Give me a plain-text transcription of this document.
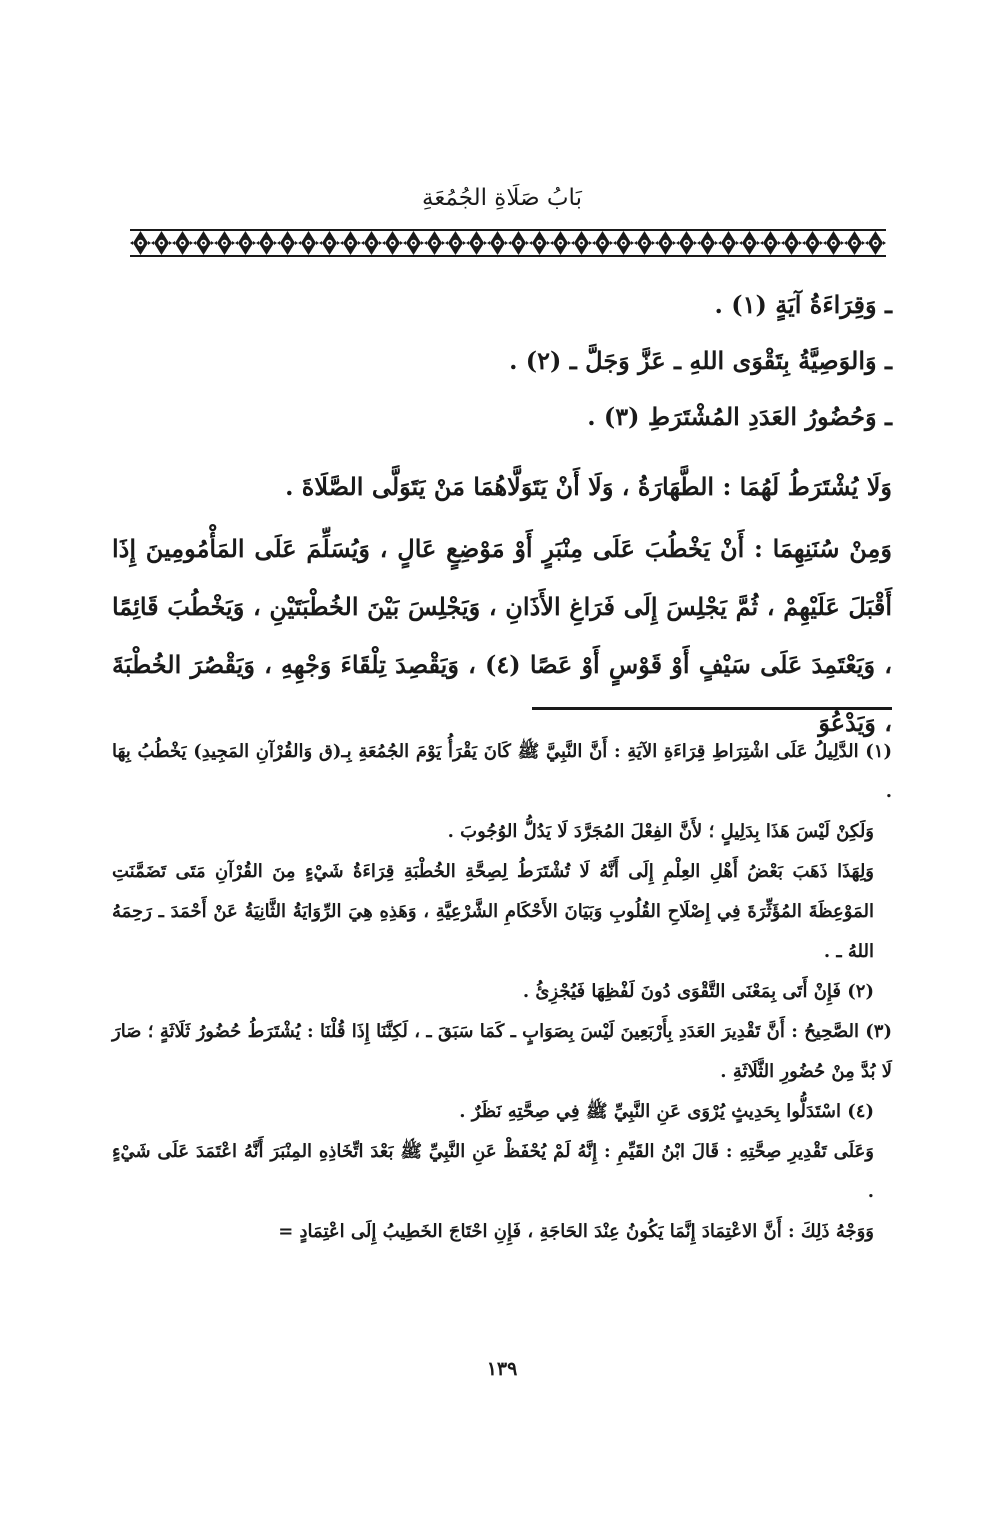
بَابُ صَلَاةِ الجُمُعَةِ

ـ وَقِرَاءَةُ آيَةٍ (١) .

ـ وَالوَصِيَّةُ بِتَقْوَى اللهِ ـ عَزَّ وَجَلَّ ـ (٢) .

ـ وَحُضُورُ العَدَدِ المُشْتَرَطِ (٣) .

وَلَا يُشْتَرَطُ لَهُمَا : الطَّهَارَةُ ، وَلَا أَنْ يَتَوَلَّاهُمَا مَنْ يَتَوَلَّى الصَّلَاةَ .

وَمِنْ سُنَنِهِمَا : أَنْ يَخْطُبَ عَلَى مِنْبَرٍ أَوْ مَوْضِعٍ عَالٍ ، وَيُسَلِّمَ عَلَى المَأْمُومِينَ إِذَا أَقْبَلَ عَلَيْهِمْ ، ثُمَّ يَجْلِسَ إِلَى فَرَاغِ الأَذَانِ ، وَيَجْلِسَ بَيْنَ الخُطْبَتَيْنِ ، وَيَخْطُبَ قَائِمًا ، وَيَعْتَمِدَ عَلَى سَيْفٍ أَوْ قَوْسٍ أَوْ عَصًا (٤) ، وَيَقْصِدَ تِلْقَاءَ وَجْهِهِ ، وَيَقْصُرَ الخُطْبَةَ ، وَيَدْعُوَ

(١) الدَّلِيلُ عَلَى اشْتِرَاطِ قِرَاءَةِ الآيَةِ : أَنَّ النَّبِيَّ ﷺ كَانَ يَقْرَأُ يَوْمَ الجُمُعَةِ بِـ(ق وَالقُرْآنِ المَجِيدِ) يَخْطُبُ بِهَا .

وَلَكِنْ لَيْسَ هَذَا بِدَلِيلٍ ؛ لأَنَّ الفِعْلَ المُجَرَّدَ لَا يَدُلُّ الوُجُوبَ .

وَلِهَذَا ذَهَبَ بَعْضُ أَهْلِ العِلْمِ إِلَى أَنَّهُ لَا تُشْتَرَطُ لِصِحَّةِ الخُطْبَةِ قِرَاءَةُ شَيْءٍ مِنَ القُرْآنِ مَتَى تَضَمَّنَتِ المَوْعِظَةَ المُؤَثِّرَةَ فِي إِصْلَاحِ القُلُوبِ وَبَيَانَ الأَحْكَامِ الشَّرْعِيَّةِ ، وَهَذِهِ هِيَ الرِّوَايَةُ الثَّانِيَةُ عَنْ أَحْمَدَ ـ رَحِمَهُ اللهُ ـ .

(٢) فَإِنْ أَتَى بِمَعْنَى التَّقْوَى دُونَ لَفْظِهَا فَيُجْزِئُ .

(٣) الصَّحِيحُ : أَنَّ تَقْدِيرَ العَدَدِ بِأَرْبَعِينَ لَيْسَ بِصَوَابٍ ـ كَمَا سَبَقَ ـ ، لَكِنَّنَا إِذَا قُلْنَا : يُشْتَرَطُ حُضُورُ ثَلَاثَةٍ ؛ صَارَ لَا بُدَّ مِنْ حُضُورِ الثَّلَاثَةِ .

(٤) اسْتَدَلُّوا بِحَدِيثٍ يُرْوَى عَنِ النَّبِيِّ ﷺ فِي صِحَّتِهِ نَظَرٌ .

وَعَلَى تَقْدِيرِ صِحَّتِهِ : قَالَ ابْنُ القَيِّمِ : إِنَّهُ لَمْ يُحْفَظْ عَنِ النَّبِيِّ ﷺ بَعْدَ اتِّخَاذِهِ المِنْبَرَ أَنَّهُ اعْتَمَدَ عَلَى شَيْءٍ .

وَوَجْهُ ذَلِكَ : أَنَّ الاعْتِمَادَ إِنَّمَا يَكُونُ عِنْدَ الحَاجَةِ ، فَإِنِ احْتَاجَ الخَطِيبُ إِلَى اعْتِمَادٍ =

١٣٩
